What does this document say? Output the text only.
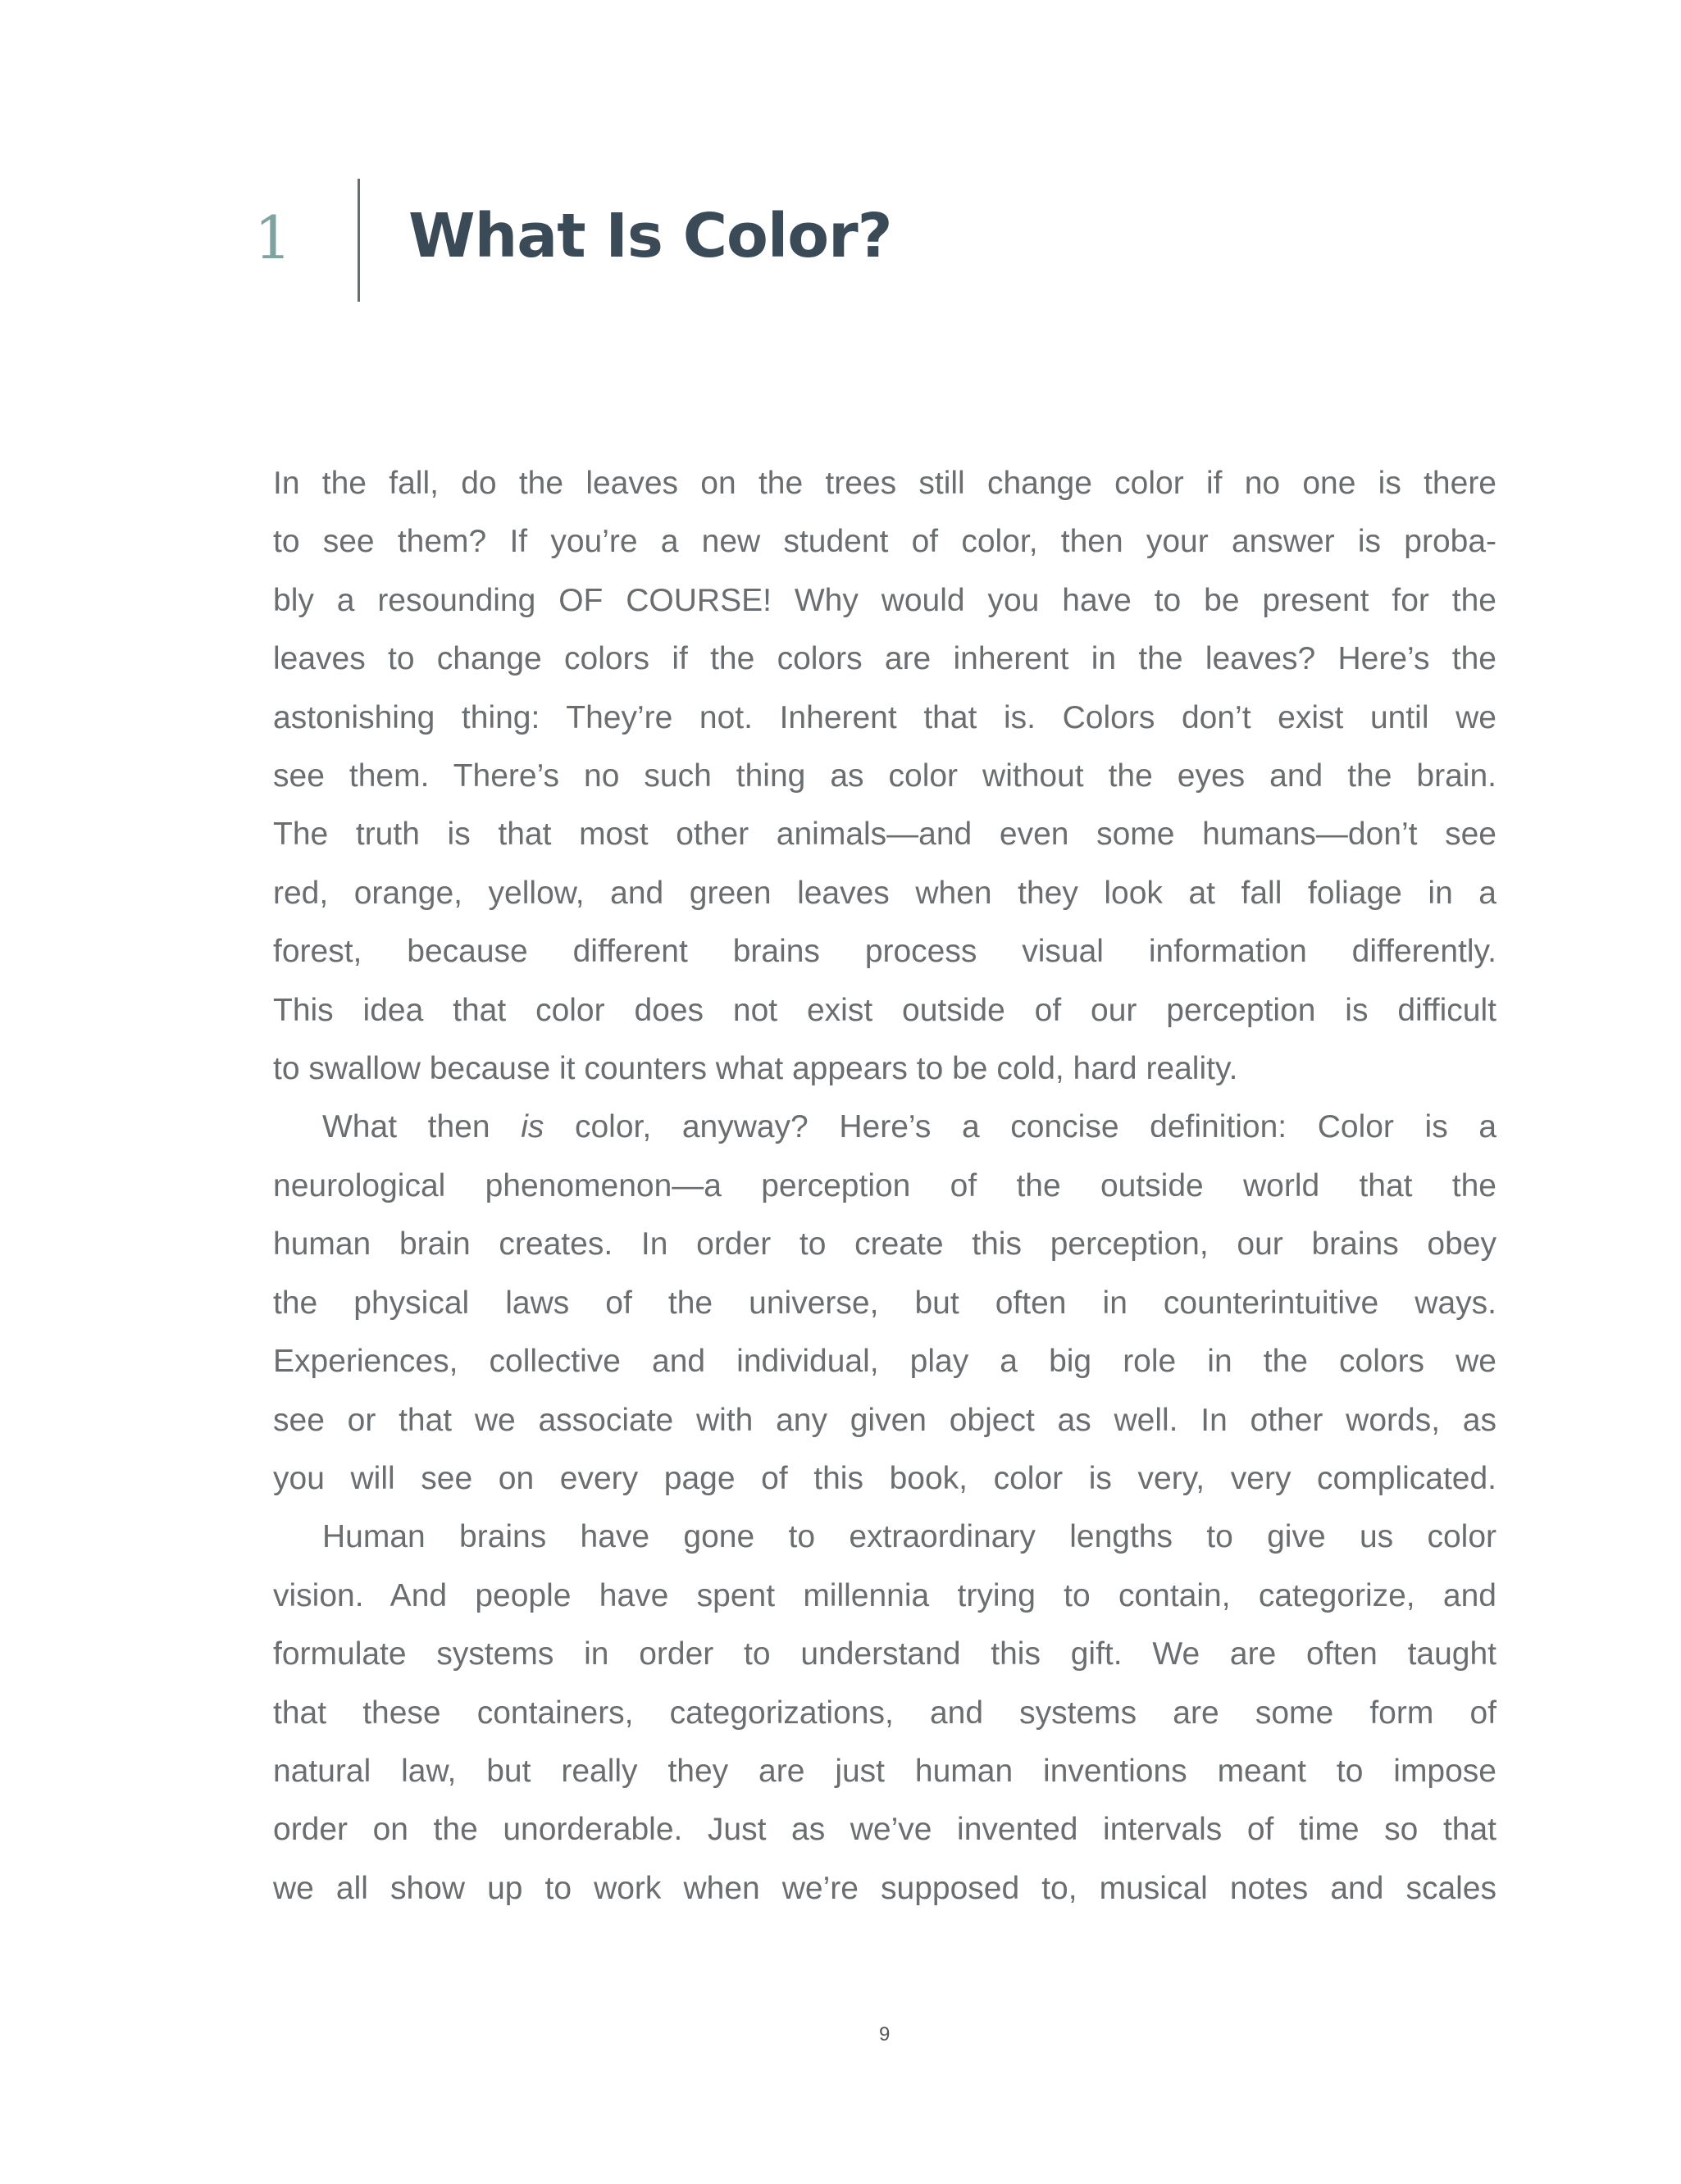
1 What Is Color?
In the fall, do the leaves on the trees still change color if no one is there
to see them? If you’re a new student of color, then your answer is proba-
bly a resounding OF COURSE! Why would you have to be present for the
leaves to change colors if the colors are inherent in the leaves? Here’s the
astonishing thing: They’re not. Inherent that is. Colors don’t exist until we
see them. There’s no such thing as color without the eyes and the brain.
The truth is that most other animals—and even some humans—don’t see
red, orange, yellow, and green leaves when they look at fall foliage in a
forest, because different brains process visual information differently.
This idea that color does not exist outside of our perception is difficult
to swallow because it counters what appears to be cold, hard reality.
What then is color, anyway? Here’s a concise definition: Color is a
neurological phenomenon—a perception of the outside world that the
human brain creates. In order to create this perception, our brains obey
the physical laws of the universe, but often in counterintuitive ways.
Experiences, collective and individual, play a big role in the colors we
see or that we associate with any given object as well. In other words, as
you will see on every page of this book, color is very, very complicated.
Human brains have gone to extraordinary lengths to give us color
vision. And people have spent millennia trying to contain, categorize, and
formulate systems in order to understand this gift. We are often taught
that these containers, categorizations, and systems are some form of
natural law, but really they are just human inventions meant to impose
order on the unorderable. Just as we’ve invented intervals of time so that
we all show up to work when we’re supposed to, musical notes and scales
9
